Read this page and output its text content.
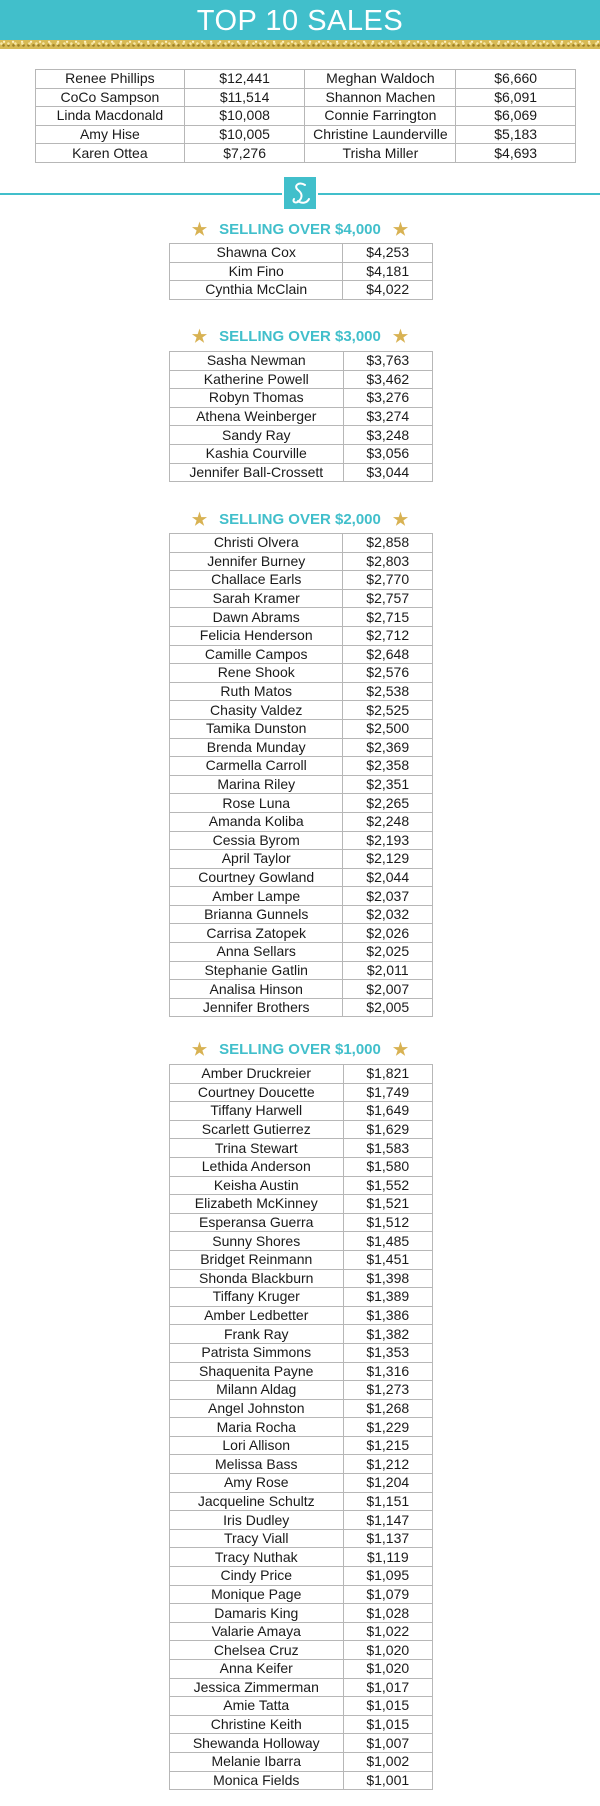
TOP 10 SALES
Renee Phillips	$12,441	Meghan Waldoch	$6,660
CoCo Sampson	$11,514	Shannon Machen	$6,091
Linda Macdonald	$10,008	Connie Farrington	$6,069
Amy Hise	$10,005	Christine Launderville	$5,183
Karen Ottea	$7,276	Trisha Miller	$4,693
★ SELLING OVER $4,000 ★
Shawna Cox	$4,253
Kim Fino	$4,181
Cynthia McClain	$4,022
★ SELLING OVER $3,000 ★
Sasha Newman	$3,763
Katherine Powell	$3,462
Robyn Thomas	$3,276
Athena Weinberger	$3,274
Sandy Ray	$3,248
Kashia Courville	$3,056
Jennifer Ball-Crossett	$3,044
★ SELLING OVER $2,000 ★
Christi Olvera	$2,858
Jennifer Burney	$2,803
Challace Earls	$2,770
Sarah Kramer	$2,757
Dawn Abrams	$2,715
Felicia Henderson	$2,712
Camille Campos	$2,648
Rene Shook	$2,576
Ruth Matos	$2,538
Chasity Valdez	$2,525
Tamika Dunston	$2,500
Brenda Munday	$2,369
Carmella Carroll	$2,358
Marina Riley	$2,351
Rose Luna	$2,265
Amanda Koliba	$2,248
Cessia Byrom	$2,193
April Taylor	$2,129
Courtney Gowland	$2,044
Amber Lampe	$2,037
Brianna Gunnels	$2,032
Carrisa Zatopek	$2,026
Anna Sellars	$2,025
Stephanie Gatlin	$2,011
Analisa Hinson	$2,007
Jennifer Brothers	$2,005
★ SELLING OVER $1,000 ★
Amber Druckreier	$1,821
Courtney Doucette	$1,749
Tiffany Harwell	$1,649
Scarlett Gutierrez	$1,629
Trina Stewart	$1,583
Lethida Anderson	$1,580
Keisha Austin	$1,552
Elizabeth McKinney	$1,521
Esperansa Guerra	$1,512
Sunny Shores	$1,485
Bridget Reinmann	$1,451
Shonda Blackburn	$1,398
Tiffany Kruger	$1,389
Amber Ledbetter	$1,386
Frank Ray	$1,382
Patrista Simmons	$1,353
Shaquenita Payne	$1,316
Milann Aldag	$1,273
Angel Johnston	$1,268
Maria Rocha	$1,229
Lori Allison	$1,215
Melissa Bass	$1,212
Amy Rose	$1,204
Jacqueline Schultz	$1,151
Iris Dudley	$1,147
Tracy Viall	$1,137
Tracy Nuthak	$1,119
Cindy Price	$1,095
Monique Page	$1,079
Damaris King	$1,028
Valarie Amaya	$1,022
Chelsea Cruz	$1,020
Anna Keifer	$1,020
Jessica Zimmerman	$1,017
Amie Tatta	$1,015
Christine Keith	$1,015
Shewanda Holloway	$1,007
Melanie Ibarra	$1,002
Monica Fields	$1,001
